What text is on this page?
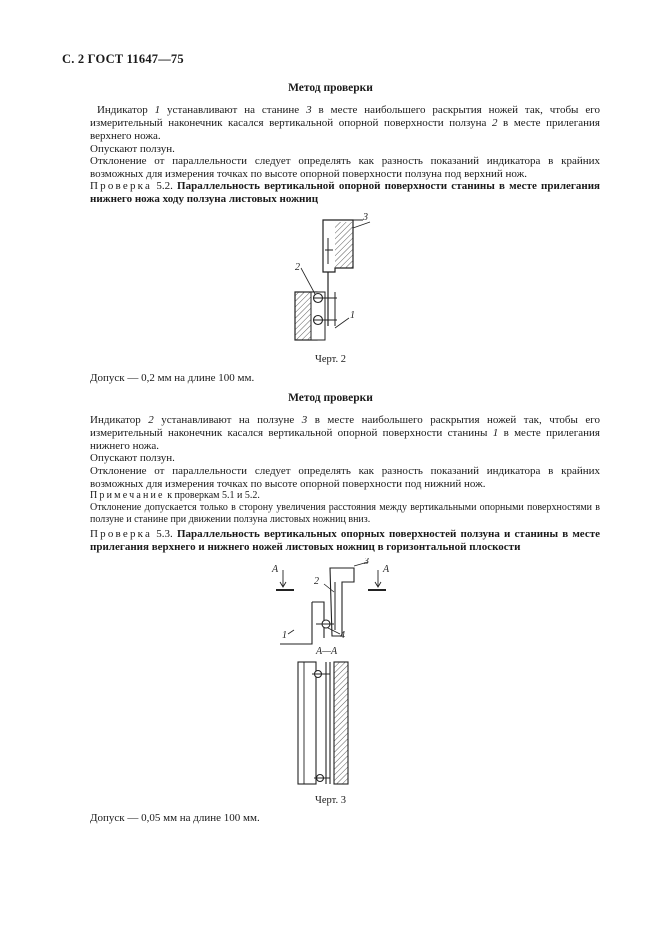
С. 2 ГОСТ 11647—75
Метод проверки
Индикатор 1 устанавливают на станине 3 в месте наибольшего раскрытия ножей так, чтобы его измерительный наконечник касался вертикальной опорной поверхности ползуна 2 в месте прилегания верхнего ножа.
Опускают ползун.
Отклонение от параллельности следует определять как разность показаний индикатора в крайних возможных для измерения точках по высоте опорной поверхности ползуна под верхний нож.
Проверка 5.2. Параллельность вертикальной опорной поверхности станины в месте прилегания нижнего ножа ходу ползуна листовых ножниц
3
2
1
Черт. 2
Допуск — 0,2 мм на длине 100 мм.
Метод проверки
Индикатор 2 устанавливают на ползуне 3 в месте наибольшего раскрытия ножей так, чтобы его измерительный наконечник касался вертикальной опорной поверхности станины 1 в месте прилегания нижнего ножа.
Опускают ползун.
Отклонение от параллельности следует определять как разность показаний индикатора в крайних возможных для измерения точках по высоте опорной поверхности под нижний нож.
Примечание к проверкам 5.1 и 5.2.
Отклонение допускается только в сторону увеличения расстояния между вертикальными опорными поверхностями в ползуне и станине при движении ползуна листовых ножниц вниз.
Проверка 5.3. Параллельность вертикальных опорных поверхностей ползуна и станины в месте прилегания верхнего и нижнего ножей листовых ножниц в горизонтальной плоскости
A	A
3
2
1	4
А—А
Черт. 3
Допуск — 0,05 мм на длине 100 мм.
